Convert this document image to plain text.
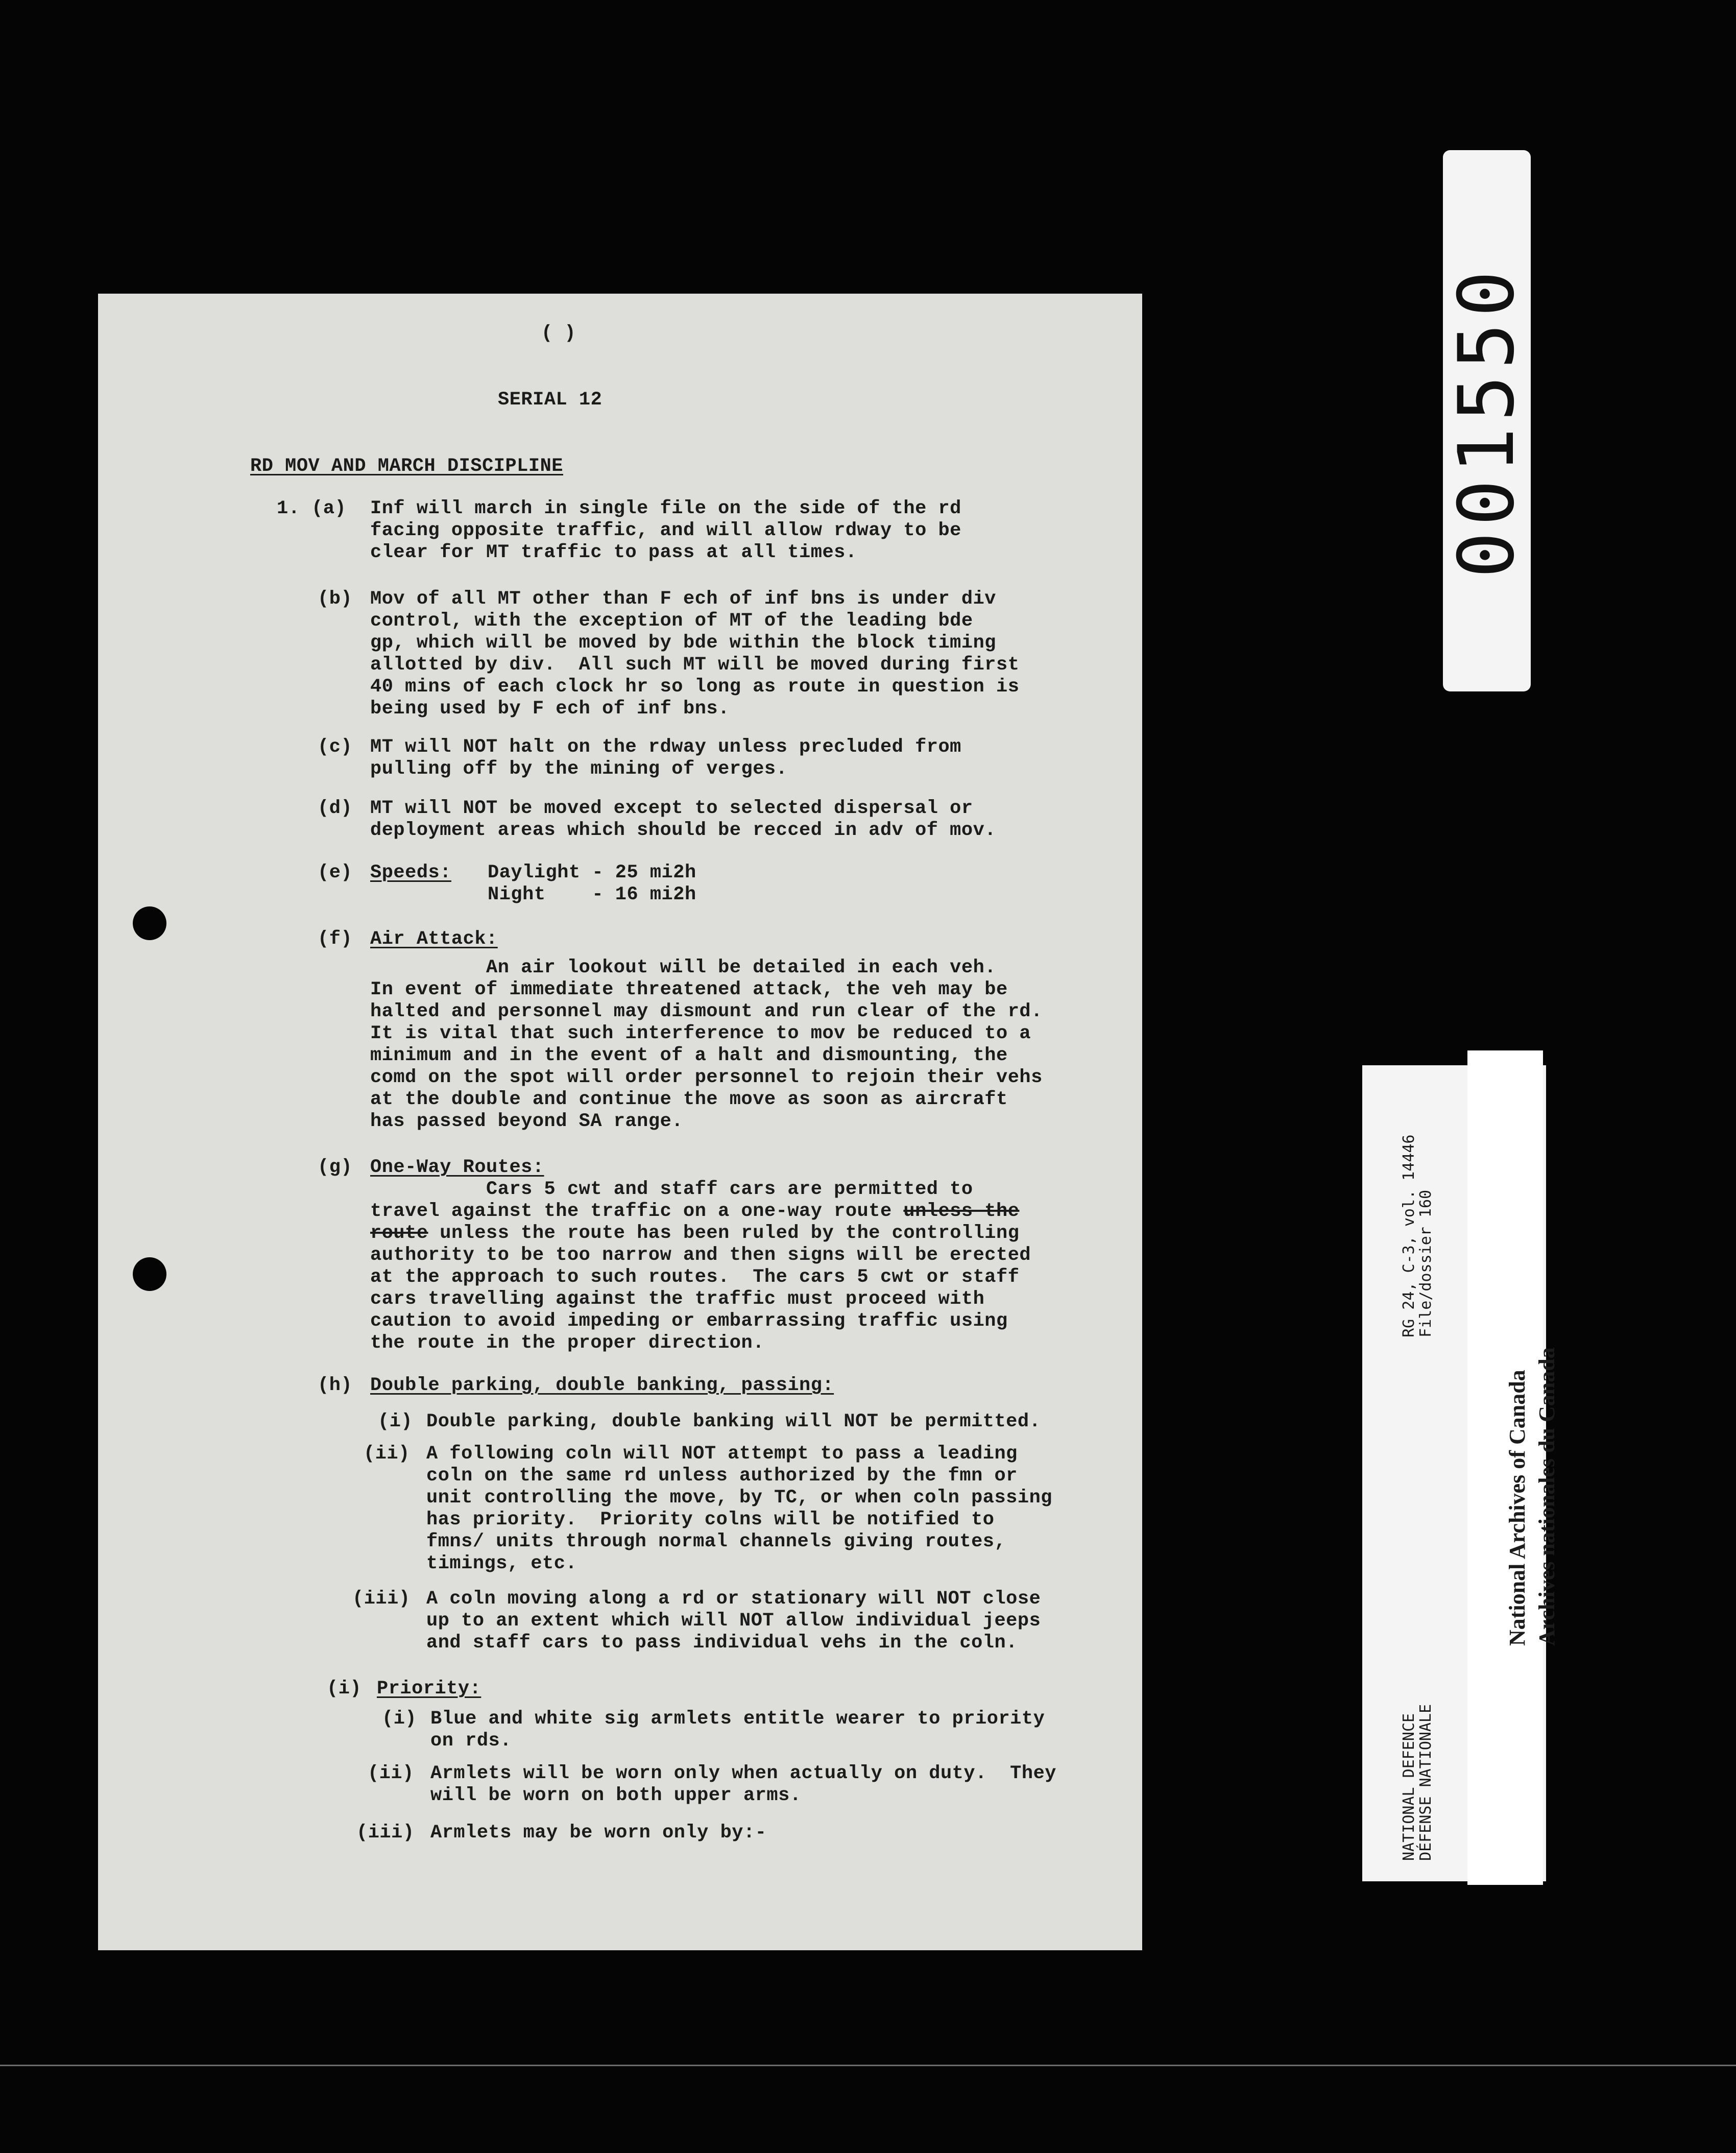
( )
SERIAL 12
RD MOV AND MARCH DISCIPLINE
1. (a) Inf will march in single file on the side of the rd
facing opposite traffic, and will allow rdway to be
clear for MT traffic to pass at all times.
(b) Mov of all MT other than F ech of inf bns is under div
control, with the exception of MT of the leading bde
gp, which will be moved by bde within the block timing
allotted by div.  All such MT will be moved during first
40 mins of each clock hr so long as route in question is
being used by F ech of inf bns.
(c) MT will NOT halt on the rdway unless precluded from
pulling off by the mining of verges.
(d) MT will NOT be moved except to selected dispersal or
deployment areas which should be recced in adv of mov.
(e) Speeds: Daylight - 25 mi2h
Night    - 16 mi2h
(f) Air Attack:
An air lookout will be detailed in each veh.
In event of immediate threatened attack, the veh may be
halted and personnel may dismount and run clear of the rd.
It is vital that such interference to mov be reduced to a
minimum and in the event of a halt and dismounting, the
comd on the spot will order personnel to rejoin their vehs
at the double and continue the move as soon as aircraft
has passed beyond SA range.
(g) One-Way Routes:
Cars 5 cwt and staff cars are permitted to
travel against the traffic on a one-way route unless the
route unless the route has been ruled by the controlling
authority to be too narrow and then signs will be erected
at the approach to such routes.  The cars 5 cwt or staff
cars travelling against the traffic must proceed with
caution to avoid impeding or embarrassing traffic using
the route in the proper direction.
(h) Double parking, double banking, passing:
(i) Double parking, double banking will NOT be permitted.
(ii) A following coln will NOT attempt to pass a leading
coln on the same rd unless authorized by the fmn or
unit controlling the move, by TC, or when coln passing
has priority.  Priority colns will be notified to
fmns/ units through normal channels giving routes,
timings, etc.
(iii) A coln moving along a rd or stationary will NOT close
up to an extent which will NOT allow individual jeeps
and staff cars to pass individual vehs in the coln.
(i) Priority:
(i) Blue and white sig armlets entitle wearer to priority
on rds.
(ii) Armlets will be worn only when actually on duty.  They
will be worn on both upper arms.
(iii) Armlets may be worn only by:-
001550

RG 24, C-3, vol. 14446
File/dossier 160

NATIONAL DEFENCE
DÉFENSE NATIONALE

National Archives of Canada Archives nationales du Canada
